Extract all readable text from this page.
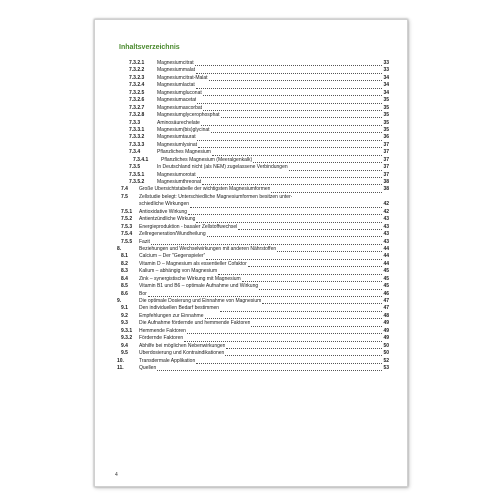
Inhaltsverzeichnis
7.3.2.1	Magnesiumcitrat	33
7.3.2.2	Magnesiummalat	33
7.3.2.3	Magnesiumcitrat-Malat	34
7.3.2.4	Magnesiumlactat	34
7.3.2.5	Magnesiumgluconat	34
7.3.2.6	Magnesiumacetat	35
7.3.2.7	Magnesiumascorbat	35
7.3.2.8	Magnesiumglycerophosphat	35
7.3.3	Aminosäurechelate	35
7.3.3.1	Magnesium(bis)glycinat	35
7.3.3.2	Magnesiumtaurat	36
7.3.3.3	Magnesiumlysinat	37
7.3.4	Pflanzliches Magnesium	37
7.3.4.1	Pflanzliches Magnesium (Meeralgenkalk)	37
7.3.5	In Deutschland nicht (als NEM) zugelassene Verbindungen	37
7.3.5.1	Magnesiumorotat	37
7.3.5.2	Magnesiumthreonat	38
7.4 Große Übersichtstabelle der wichtigsten Magnesiumformen	38
7.5 Zellstudie belegt: Unterschiedliche Magnesiumformen besitzen unter-
schiedliche Wirkungen	42
7.5.1 Antioxidative Wirkung	42
7.5.2 Antientzündliche Wirkung	43
7.5.3 Energieproduktion - basaler Zellstoffwechsel	43
7.5.4 Zellregeneration/Wundheilung	43
7.5.5 Fazit	43
8.	Beziehungen und Wechselwirkungen mit anderen Nährstoffen	44
8.1 Calcium – Der "Gegenspieler"	44
8.2 Vitamin D – Magnesium als essentieller Cofaktor	44
8.3 Kalium – abhängig von Magnesium	45
8.4 Zink – synergistische Wirkung mit Magnesium	45
8.5 Vitamin B1 und B6 – optimale Aufnahme und Wirkung	45
8.6 Bor	46
9.	Die optimale Dosierung und Einnahme von Magnesium	47
9.1 Den individuellen Bedarf bestimmen	47
9.2 Empfehlungen zur Einnahme	48
9.3 Die Aufnahme fördernde und hemmende Faktoren	49
9.3.1 Hemmende Faktoren	49
9.3.2 Fördernde Faktoren	49
9.4 Abhilfe bei möglichen Nebenwirkungen	50
9.5 Überdosierung und Kontraindikationen	50
10.	Transdermale Applikation	52
11.	Quellen	53
4
